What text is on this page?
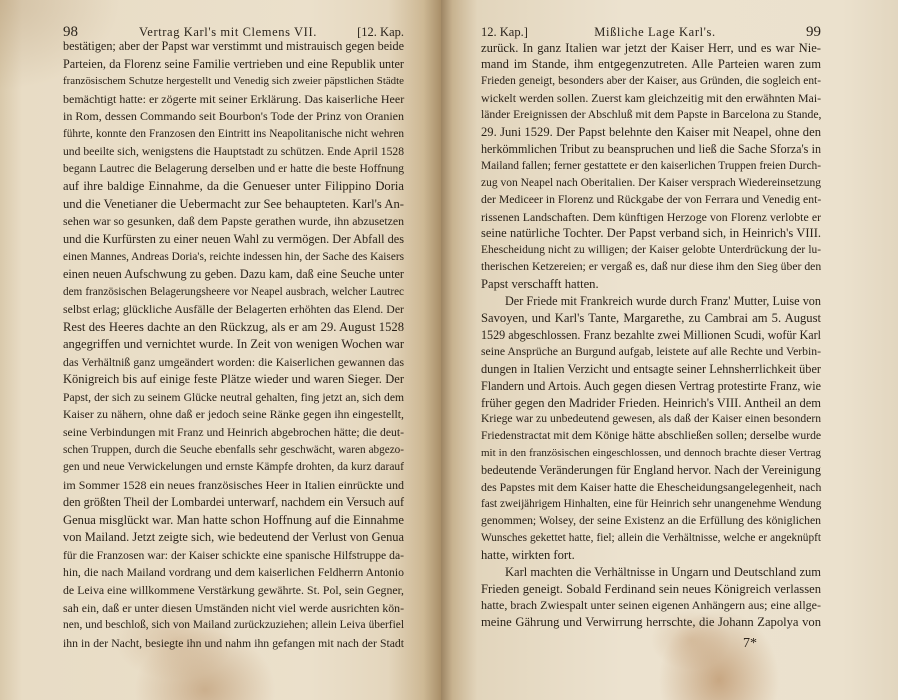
98	Vertrag Karl's mit Clemens VII.	[12. Kap.
bestätigen; aber der Papst war verstimmt und mistrauisch gegen beide
Parteien, da Florenz seine Familie vertrieben und eine Republik unter
französischem Schutze hergestellt und Venedig sich zweier päpstlichen Städte
bemächtigt hatte: er zögerte mit seiner Erklärung. Das kaiserliche Heer
in Rom, dessen Commando seit Bourbon's Tode der Prinz von Oranien
führte, konnte den Franzosen den Eintritt ins Neapolitanische nicht wehren
und beeilte sich, wenigstens die Hauptstadt zu schützen. Ende April 1528
begann Lautrec die Belagerung derselben und er hatte die beste Hoffnung
auf ihre baldige Einnahme, da die Genueser unter Filippino Doria
und die Venetianer die Uebermacht zur See behaupteten. Karl's An-
sehen war so gesunken, daß dem Papste gerathen wurde, ihn abzusetzen
und die Kurfürsten zu einer neuen Wahl zu vermögen. Der Abfall des
einen Mannes, Andreas Doria's, reichte indessen hin, der Sache des Kaisers
einen neuen Aufschwung zu geben. Dazu kam, daß eine Seuche unter
dem französischen Belagerungsheere vor Neapel ausbrach, welcher Lautrec
selbst erlag; glückliche Ausfälle der Belagerten erhöhten das Elend. Der
Rest des Heeres dachte an den Rückzug, als er am 29. August 1528
angegriffen und vernichtet wurde. In Zeit von wenigen Wochen war
das Verhältniß ganz umgeändert worden: die Kaiserlichen gewannen das
Königreich bis auf einige feste Plätze wieder und waren Sieger. Der
Papst, der sich zu seinem Glücke neutral gehalten, fing jetzt an, sich dem
Kaiser zu nähern, ohne daß er jedoch seine Ränke gegen ihn eingestellt,
seine Verbindungen mit Franz und Heinrich abgebrochen hätte; die deut-
schen Truppen, durch die Seuche ebenfalls sehr geschwächt, waren abgezo-
gen und neue Verwickelungen und ernste Kämpfe drohten, da kurz darauf
im Sommer 1528 ein neues französisches Heer in Italien einrückte und
den größten Theil der Lombardei unterwarf, nachdem ein Versuch auf
Genua misglückt war. Man hatte schon Hoffnung auf die Einnahme
von Mailand. Jetzt zeigte sich, wie bedeutend der Verlust von Genua
für die Franzosen war: der Kaiser schickte eine spanische Hilfstruppe da-
hin, die nach Mailand vordrang und dem kaiserlichen Feldherrn Antonio
de Leiva eine willkommene Verstärkung gewährte. St. Pol, sein Gegner,
sah ein, daß er unter diesen Umständen nicht viel werde ausrichten kön-
nen, und beschloß, sich von Mailand zurückzuziehen; allein Leiva überfiel
ihn in der Nacht, besiegte ihn und nahm ihn gefangen mit nach der Stadt
12. Kap.]	Mißliche Lage Karl's.	99
zurück. In ganz Italien war jetzt der Kaiser Herr, und es war Nie-
mand im Stande, ihm entgegenzutreten. Alle Parteien waren zum
Frieden geneigt, besonders aber der Kaiser, aus Gründen, die sogleich ent-
wickelt werden sollen. Zuerst kam gleichzeitig mit den erwähnten Mai-
länder Ereignissen der Abschluß mit dem Papste in Barcelona zu Stande,
29. Juni 1529. Der Papst belehnte den Kaiser mit Neapel, ohne den
herkömmlichen Tribut zu beanspruchen und ließ die Sache Sforza's in
Mailand fallen; ferner gestattete er den kaiserlichen Truppen freien Durch-
zug von Neapel nach Oberitalien. Der Kaiser versprach Wiedereinsetzung
der Medicеer in Florenz und Rückgabe der von Ferrara und Venedig ent-
rissenen Landschaften. Dem künftigen Herzoge von Florenz verlobte er
seine natürliche Tochter. Der Papst verband sich, in Heinrich's VIII.
Ehescheidung nicht zu willigen; der Kaiser gelobte Unterdrückung der lu-
therischen Ketzereien; er vergaß es, daß nur diese ihm den Sieg über den
Papst verschafft hatten.
Der Friede mit Frankreich wurde durch Franz' Mutter, Luise von
Savoyen, und Karl's Tante, Margarethe, zu Cambrai am 5. August
1529 abgeschlossen. Franz bezahlte zwei Millionen Scudi, wofür Karl
seine Ansprüche an Burgund aufgab, leistete auf alle Rechte und Verbin-
dungen in Italien Verzicht und entsagte seiner Lehnsherrlichkeit über
Flandern und Artois. Auch gegen diesen Vertrag protestirte Franz, wie
früher gegen den Madrider Frieden. Heinrich's VIII. Antheil an dem
Kriege war zu unbedeutend gewesen, als daß der Kaiser einen besondern
Friedenstractat mit dem Könige hätte abschließen sollen; derselbe wurde
mit in den französischen eingeschlossen, und dennoch brachte dieser Vertrag
bedeutende Veränderungen für England hervor. Nach der Vereinigung
des Papstes mit dem Kaiser hatte die Ehescheidungsangelegenheit, nach
fast zweijährigem Hinhalten, eine für Heinrich sehr unangenehme Wendung
genommen; Wolsey, der seine Existenz an die Erfüllung des königlichen
Wunsches gekettet hatte, fiel; allein die Verhältnisse, welche er angeknüpft
hatte, wirkten fort.
Karl machten die Verhältnisse in Ungarn und Deutschland zum
Frieden geneigt. Sobald Ferdinand sein neues Königreich verlassen
hatte, brach Zwiespalt unter seinen eigenen Anhängern aus; eine allge-
meine Gährung und Verwirrung herrschte, die Johann Zapolya von
7*
